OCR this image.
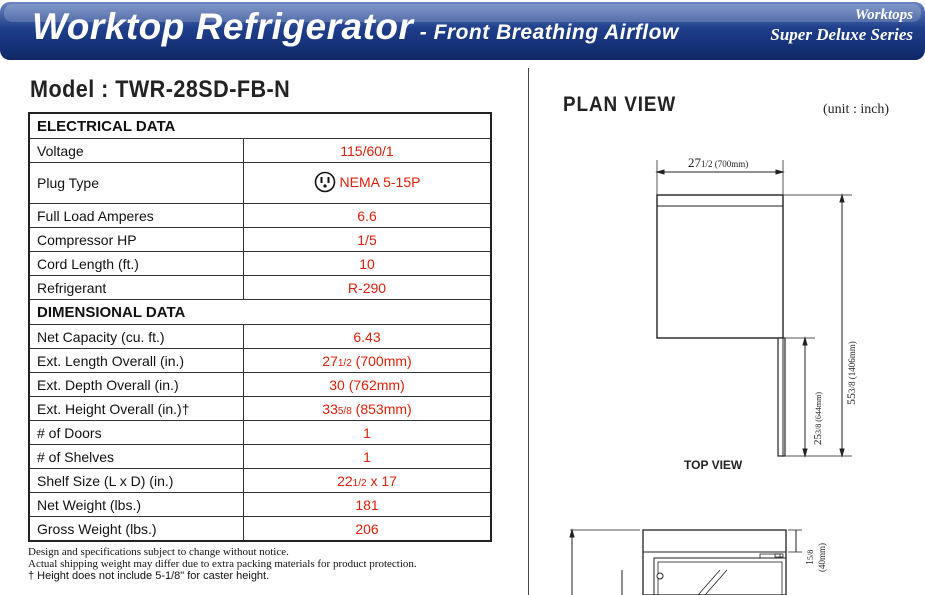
Worktop Refrigerator - Front Breathing Airflow
Worktops
Super Deluxe Series
Model : TWR-28SD-FB-N
ELECTRICAL DATA	
Voltage	115/60/1
Plug Type	NEMA 5-15P

Full Load Amperes	6.6
Compressor HP	1/5
Cord Length (ft.)	10
Refrigerant	R-290
DIMENSIONAL DATA	
Net Capacity (cu. ft.)	6.43
Ext. Length Overall (in.)	271/2 (700mm)
Ext. Depth Overall (in.)	30 (762mm)
Ext. Height Overall (in.)†	335/8 (853mm)
# of Doors	1
# of Shelves	1
Shelf Size (L x D) (in.)	221/2 x 17
Net Weight (lbs.)	181
Gross Weight (lbs.)	206
Design and specifications subject to change without notice.
Actual shipping weight may differ due to extra packing materials for product protection.
† Height does not include 5-1/8" for caster height.
PLAN VIEW	(unit : inch)
271/2 (700mm)
553/8 (1406mm)
253/8 (644mm)
15/8 (40mm)
TOP VIEW
